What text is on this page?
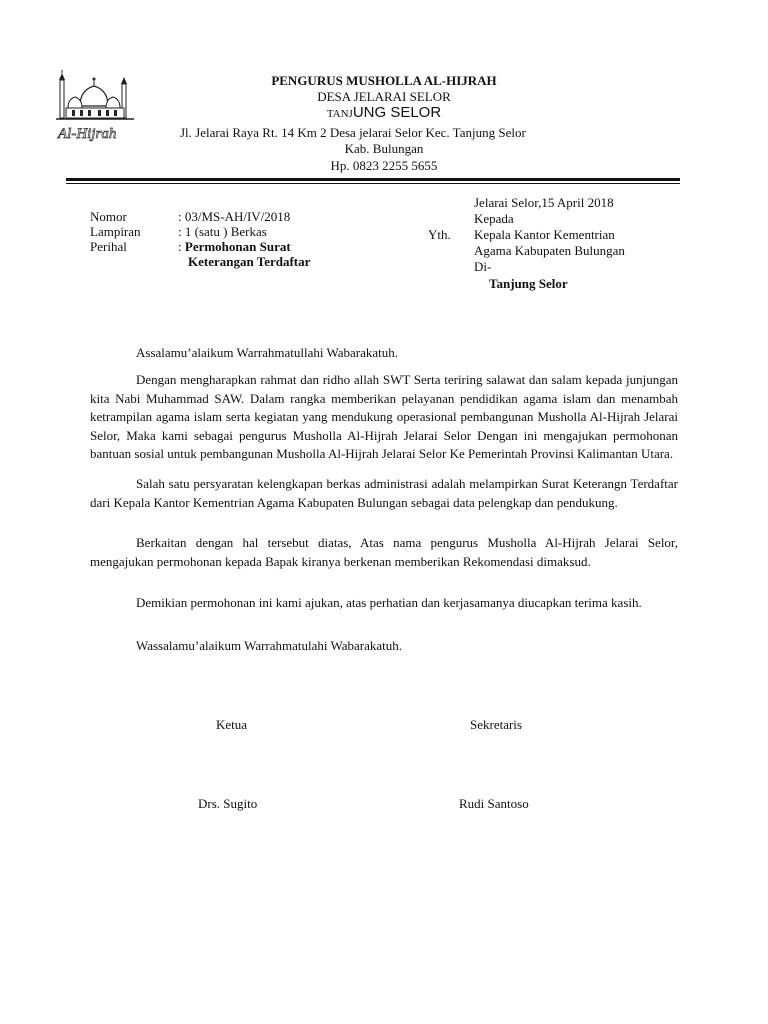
Al-Hijrah
PENGURUS MUSHOLLA AL-HIJRAH
DESA JELARAI SELOR
TANJUNG SELOR
Jl. Jelarai Raya Rt. 14 Km 2 Desa jelarai Selor Kec. Tanjung Selor
Kab. Bulungan
Hp. 0823 2255 5655
Nomor	: 03/MS-AH/IV/2018
Lampiran	: 1 (satu ) Berkas
Perihal	: Permohonan Surat
Keterangan Terdaftar
Jelarai Selor,15 April 2018
Kepada
Yth. Kepala Kantor Kementrian
Agama Kabupaten Bulungan
Di-
Tanjung Selor
Assalamu’alaikum Warrahmatullahi Wabarakatuh.
Dengan mengharapkan rahmat dan ridho allah SWT Serta teriring salawat dan salam kepada junjungan kita Nabi Muhammad SAW. Dalam rangka memberikan pelayanan pendidikan agama islam dan menambah ketrampilan agama islam serta kegiatan yang mendukung operasional pembangunan Musholla Al-Hijrah Jelarai Selor, Maka kami sebagai pengurus Musholla Al-Hijrah Jelarai Selor Dengan ini mengajukan permohonan bantuan sosial untuk pembangunan Musholla Al-Hijrah Jelarai Selor Ke Pemerintah Provinsi Kalimantan Utara.
Salah satu persyaratan kelengkapan berkas administrasi adalah melampirkan Surat Keterangn Terdaftar dari Kepala Kantor Kementrian Agama Kabupaten Bulungan sebagai data pelengkap dan pendukung.
Berkaitan dengan hal tersebut diatas, Atas nama pengurus Musholla Al-Hijrah Jelarai Selor, mengajukan permohonan kepada Bapak kiranya berkenan memberikan Rekomendasi dimaksud.
Demikian permohonan ini kami ajukan, atas perhatian dan kerjasamanya diucapkan terima kasih.
Wassalamu’alaikum Warrahmatulahi Wabarakatuh.
Ketua	Sekretaris
Drs. Sugito	Rudi Santoso
